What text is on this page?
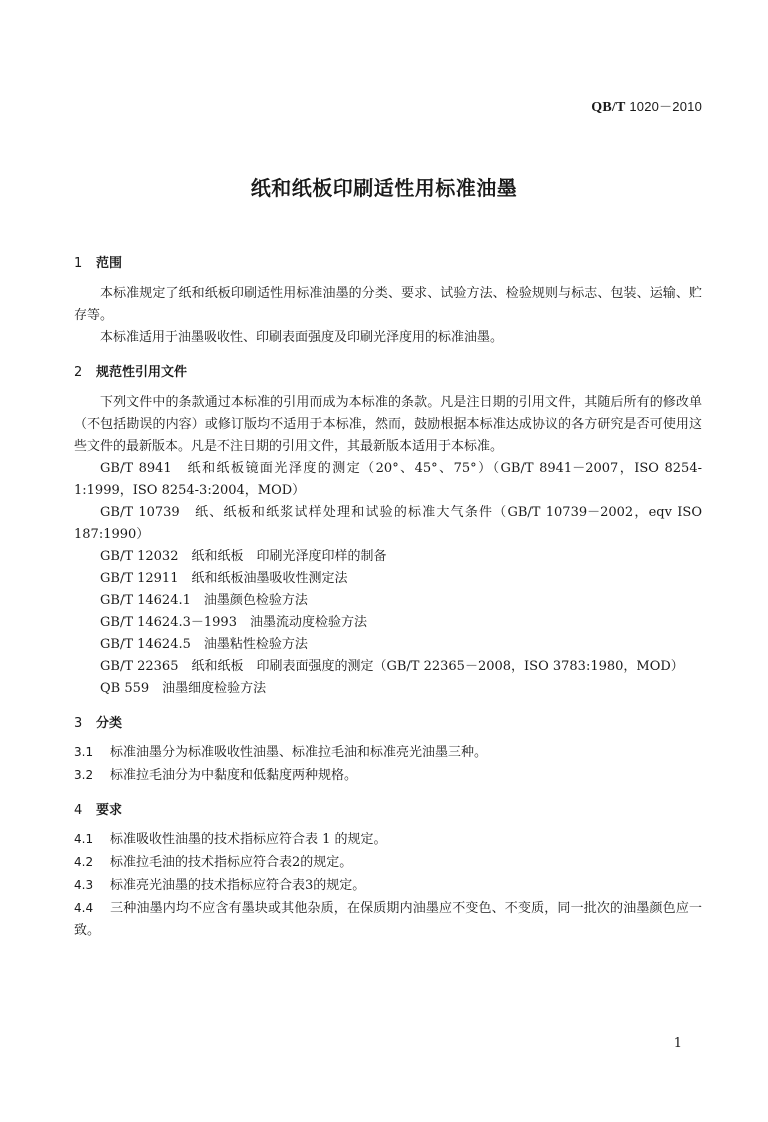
QB/T 1020－2010
纸和纸板印刷适性用标准油墨
1 范围

本标准规定了纸和纸板印刷适性用标准油墨的分类、要求、试验方法、检验规则与标志、包装、运输、贮存等。

本标准适用于油墨吸收性、印刷表面强度及印刷光泽度用的标准油墨。

2 规范性引用文件

下列文件中的条款通过本标准的引用而成为本标准的条款。凡是注日期的引用文件，其随后所有的修改单（不包括勘误的内容）或修订版均不适用于本标准，然而，鼓励根据本标准达成协议的各方研究是否可使用这些文件的最新版本。凡是不注日期的引用文件，其最新版本适用于本标准。

GB/T 8941　纸和纸板镜面光泽度的测定（20°、45°、75°）（GB/T 8941－2007，ISO 8254-1:1999，ISO 8254-3:2004，MOD）

GB/T 10739　纸、纸板和纸浆试样处理和试验的标准大气条件（GB/T 10739－2002，eqv ISO 187:1990）

GB/T 12032　纸和纸板　印刷光泽度印样的制备

GB/T 12911　纸和纸板油墨吸收性测定法

GB/T 14624.1　油墨颜色检验方法

GB/T 14624.3－1993　油墨流动度检验方法

GB/T 14624.5　油墨粘性检验方法

GB/T 22365　纸和纸板　印刷表面强度的测定（GB/T 22365－2008，ISO 3783:1980，MOD）

QB 559　油墨细度检验方法

3 分类

3.1 标准油墨分为标准吸收性油墨、标准拉毛油和标准亮光油墨三种。

3.2 标准拉毛油分为中黏度和低黏度两种规格。

4 要求

4.1 标准吸收性油墨的技术指标应符合表 1 的规定。

4.2 标准拉毛油的技术指标应符合表2的规定。

4.3 标准亮光油墨的技术指标应符合表3的规定。

4.4 三种油墨内均不应含有墨块或其他杂质，在保质期内油墨应不变色、不变质，同一批次的油墨颜色应一致。

1
